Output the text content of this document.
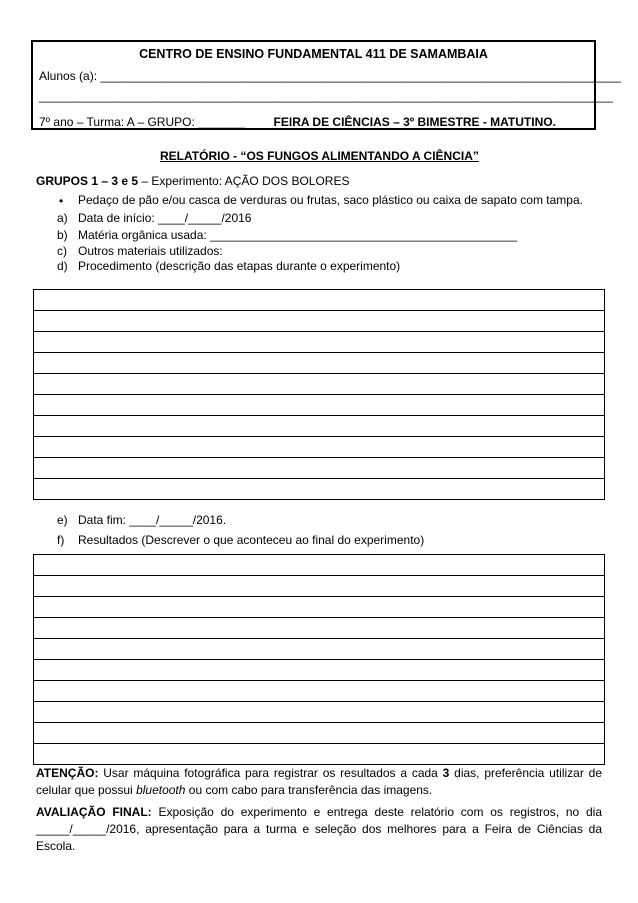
CENTRO DE ENSINO FUNDAMENTAL 411 DE SAMAMBAIA
Alunos (a): ______________________________________________________________________________
______________________________________________________________________________________
7º ano – Turma: A – GRUPO: _______ FEIRA DE CIÊNCIAS – 3º BIMESTRE - MATUTINO.
RELATÓRIO - “OS FUNGOS ALIMENTANDO A CIÊNCIA”
GRUPOS 1 – 3 e 5 – Experimento: AÇÃO DOS BOLORES
• Pedaço de pão e/ou casca de verduras ou frutas, saco plástico ou caixa de sapato com tampa.
a) Data de início: ____/_____/2016
b) Matéria orgânica usada: ______________________________________________
c) Outros materiais utilizados:
d) Procedimento (descrição das etapas durante o experimento)

e) Data fim: ____/_____/2016.
f) Resultados (Descrever o que aconteceu ao final do experimento)

ATENÇÃO: Usar máquina fotográfica para registrar os resultados a cada 3 dias, preferência utilizar de celular que possui bluetooth ou com cabo para transferência das imagens.
AVALIAÇÃO FINAL: Exposição do experimento e entrega deste relatório com os registros, no dia _____/_____/2016, apresentação para a turma e seleção dos melhores para a Feira de Ciências da Escola.
